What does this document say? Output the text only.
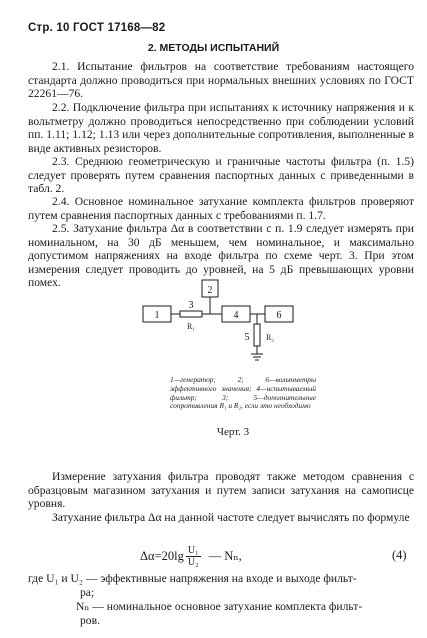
Стр. 10 ГОСТ 17168—82
2. МЕТОДЫ ИСПЫТАНИЙ
2.1. Испытание фильтров на соответствие требованиям настоящего стандарта должно проводиться при нормальных внешних условиях по ГОСТ 22261—76.
2.2. Подключение фильтра при испытаниях к источнику напряжения и к вольтметру должно проводиться непосредственно при соблюдении условий пп. 1.11; 1.12; 1.13 или через дополнительные сопротивления, выполненные в виде активных резисторов.
2.3. Среднюю геометрическую и граничные частоты фильтра (п. 1.5) следует проверять путем сравнения паспортных данных с приведенными в табл. 2.
2.4. Основное номинальное затухание комплекта фильтров проверяют путем сравнения паспортных данных с требованиями п. 1.7.
2.5. Затухание фильтра Δα в соответствии с п. 1.9 следует измерять при номинальном, на 30 дБ меньшем, чем номинальное, и максимально допустимом напряжениях на входе фильтра по схеме черт. 3. При этом измерения следует проводить до уровней, на 5 дБ превышающих уровни помех.
1
2
4	6
3
5
R₁
R₂
1—генератор; 2; 6—вольтметры эффективного значения; 4—испытываемый фильтр; 3; 5—дополнительные сопротивления R₁ и R₂, если это необходимо
Черт. 3
Измерение затухания фильтра проводят также методом сравнения с образцовым магазином затухания и путем записи затухания на самописце уровня.
Затухание фильтра Δα на данной частоте следует вычислять по формуле
$\Delta\alpha=20\lg \frac{\text{U₁}}{\text{U₂}}$ — Nₙ,	(4)
где U₁ и U₂ — эффективные напряжения на входе и выходе фильт-
ра;
Nₙ — номинальное основное затухание комплекта фильт-
ров.
